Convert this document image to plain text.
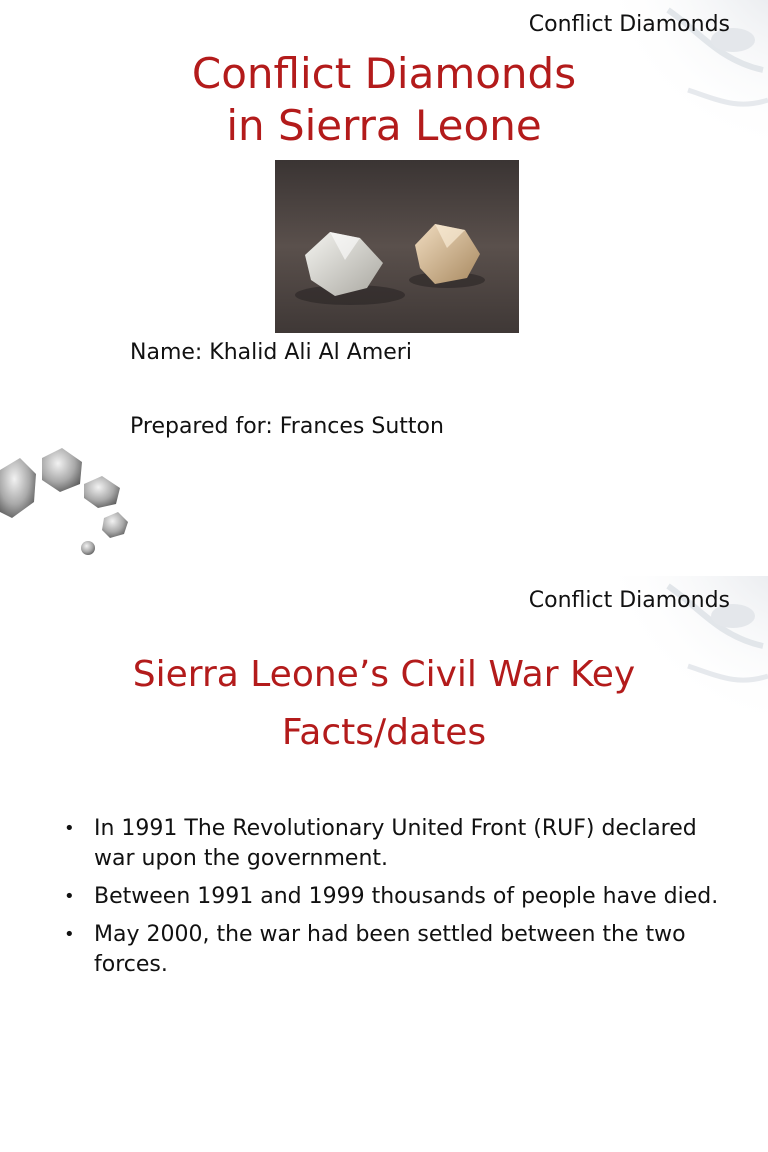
Conflict Diamonds
Conflict Diamonds
in Sierra Leone
Name: Khalid Ali Al Ameri
Prepared for: Frances Sutton
Conflict Diamonds
Sierra Leone’s Civil War Key
Facts/dates
• In 1991 The Revolutionary United Front (RUF) declared war upon the government.
• Between 1991 and 1999 thousands of people have died.
• May 2000, the war had been settled between the two forces.
